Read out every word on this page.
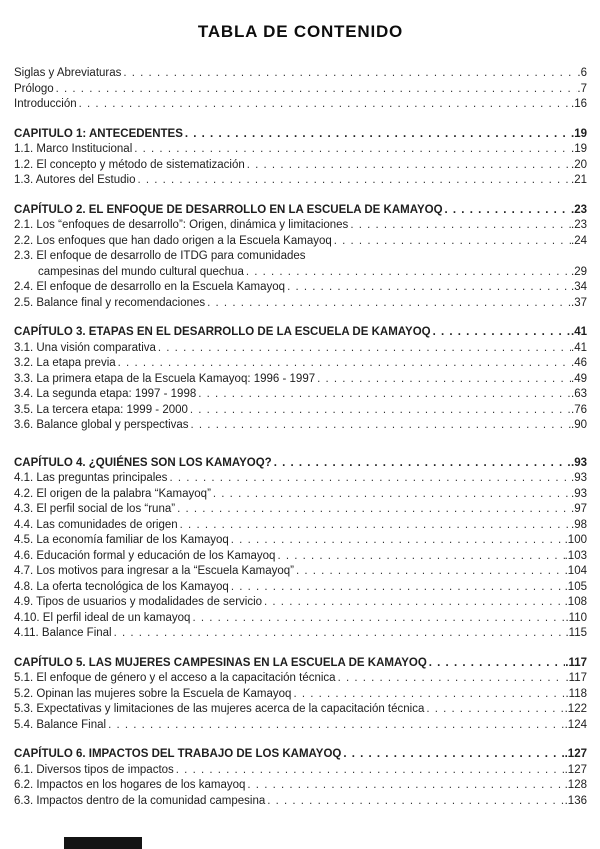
TABLA DE CONTENIDO
Siglas y Abreviaturas . . .	.6
Prólogo . . .	.7
Introducción . . .	.16
CAPITULO 1: ANTECEDENTES . . .	.19
1.1. Marco Institucional . . .	.19
1.2. El concepto y método de sistematización . . .	.20
1.3. Autores del Estudio . . .	.21
CAPÍTULO 2. EL ENFOQUE DE DESARROLLO EN LA ESCUELA DE KAMAYOQ . . .	.23
2.1. Los “enfoques de desarrollo”: Origen, dinámica y limitaciones . . .	.23
2.2. Los enfoques que han dado origen a la Escuela Kamayoq . . .	.24
2.3. El enfoque de desarrollo de ITDG para comunidades
campesinas del mundo cultural quechua . . .	.29
2.4. El enfoque de desarrollo en la Escuela Kamayoq . . .	.34
2.5. Balance final y recomendaciones . . .	.37
CAPÍTULO 3. ETAPAS EN EL DESARROLLO DE LA ESCUELA DE KAMAYOQ . . .	.41
3.1. Una visión comparativa . . .	.41
3.2. La etapa previa . . .	.46
3.3. La primera etapa de la Escuela Kamayoq: 1996 - 1997 . . .	.49
3.4. La segunda etapa: 1997 - 1998 . . .	.63
3.5. La tercera etapa: 1999 - 2000 . . .	.76
3.6. Balance global y perspectivas . . .	.90
CAPÍTULO 4. ¿QUIÉNES SON LOS KAMAYOQ? . . .	.93
4.1. Las preguntas principales . . .	.93
4.2. El origen de la palabra “Kamayoq” . . .	.93
4.3. El perfil social de los “runa” . . .	.97
4.4. Las comunidades de origen . . .	.98
4.5. La economía familiar de los Kamayoq . . .	.100
4.6. Educación formal y educación de los Kamayoq . . .	.103
4.7. Los motivos para ingresar a la “Escuela Kamayoq” . . .	.104
4.8. La oferta tecnológica de los Kamayoq . . .	.105
4.9. Tipos de usuarios y modalidades de servicio . . .	.108
4.10. El perfil ideal de un kamayoq . . .	.110
4.11. Balance Final . . .	.115
CAPÍTULO 5. LAS MUJERES CAMPESINAS EN LA ESCUELA DE KAMAYOQ . . .	.117
5.1. El enfoque de género y el acceso a la capacitación técnica . . .	.117
5.2. Opinan las mujeres sobre la Escuela de Kamayoq . . .	.118
5.3. Expectativas y limitaciones de las mujeres acerca de la capacitación técnica . . .	.122
5.4. Balance Final . . .	.124
CAPÍTULO 6. IMPACTOS DEL TRABAJO DE LOS KAMAYOQ . . .	.127
6.1. Diversos tipos de impactos . . .	.127
6.2. Impactos en los hogares de los kamayoq . . .	.128
6.3. Impactos dentro de la comunidad campesina . . .	.136
